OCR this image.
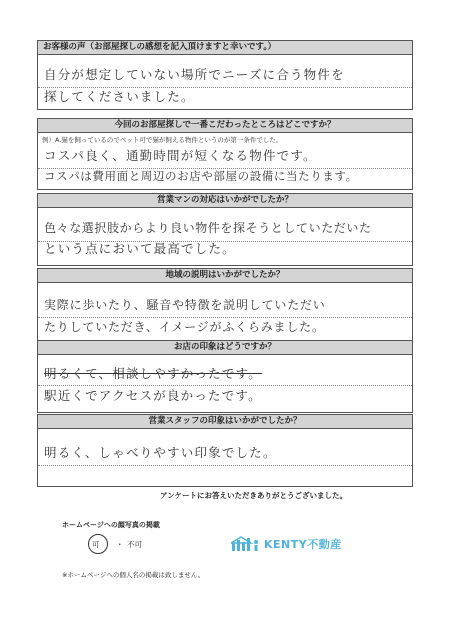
お客様の声（お部屋探しの感想を記入頂けますと幸いです。）
自分が想定していない場所でニーズに合う物件を
探してくださいました。
今回のお部屋探しで一番こだわったところはどこですか？
例）A.猫を飼っているのでペット可で猫が飼える物件というのが第一条件でした。
コスパ良く、通勤時間が短くなる物件です。
コスパは費用面と周辺のお店や部屋の設備に当たります。
営業マンの対応はいかがでしたか？
色々な選択肢からより良い物件を探そうとしていただいた
という点において最高でした。
地域の説明はいかがでしたか？
実際に歩いたり、騒音や特徴を説明していただい
たりしていただき、イメージがふくらみました。
お店の印象はどうですか？
明るくて、相談しやすかったです。
駅近くでアクセスが良かったです。
営業スタッフの印象はいかがでしたか？
明るく、しゃべりやすい印象でした。
アンケートにお答えいただきありがとうございました。
ホームページへの顔写真の掲載
可 ・ 不可	KENTY不動産
※ホームページへの個人名の掲載は致しません。
